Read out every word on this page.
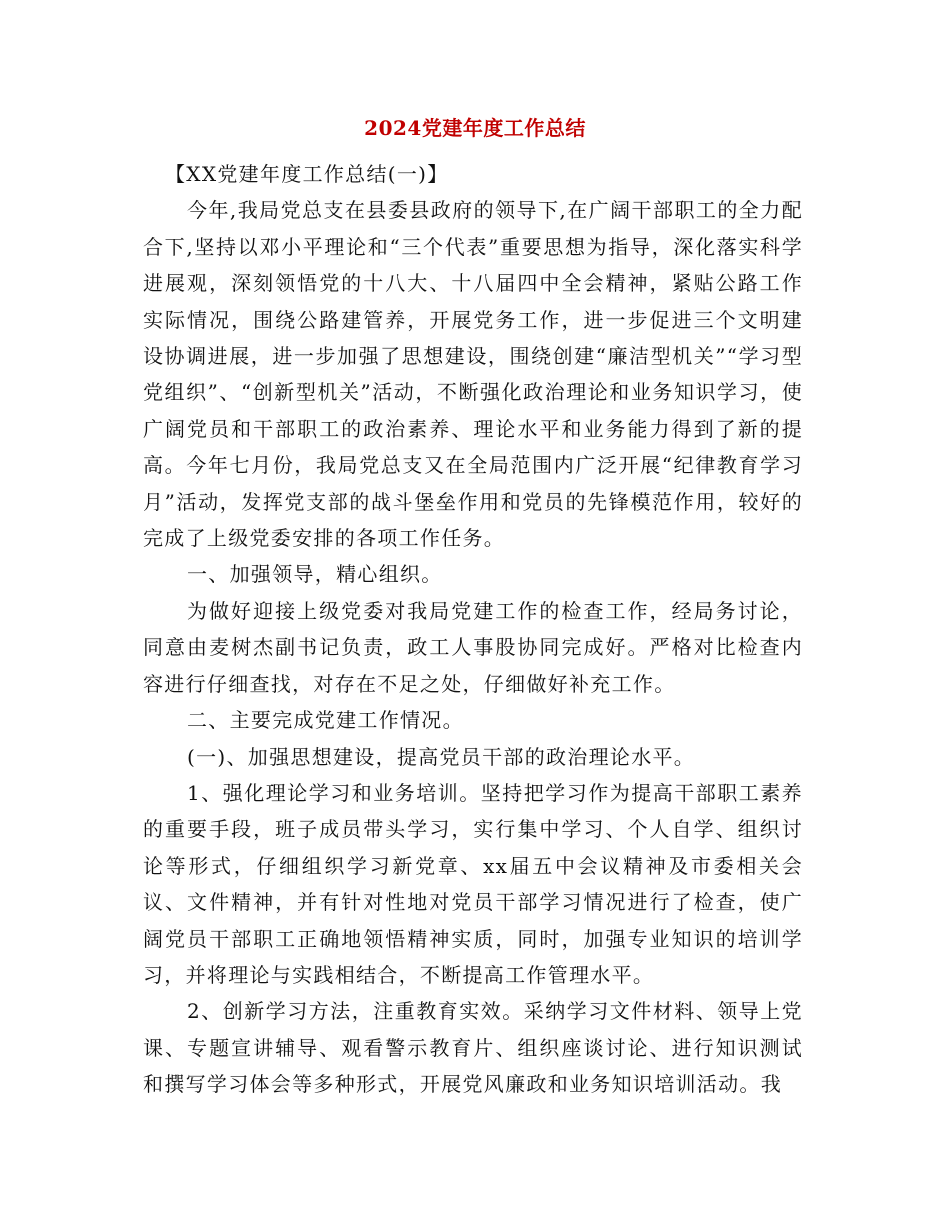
2024党建年度工作总结

【XX党建年度工作总结(一)】

今年,我局党总支在县委县政府的领导下,在广阔干部职工的全力配合下,坚持以邓小平理论和“三个代表”重要思想为指导，深化落实科学进展观，深刻领悟党的十八大、十八届四中全会精神，紧贴公路工作实际情况，围绕公路建管养，开展党务工作，进一步促进三个文明建设协调进展，进一步加强了思想建设，围绕创建“廉洁型机关”“学习型党组织”、“创新型机关”活动，不断强化政治理论和业务知识学习，使广阔党员和干部职工的政治素养、理论水平和业务能力得到了新的提高。今年七月份，我局党总支又在全局范围内广泛开展“纪律教育学习月”活动，发挥党支部的战斗堡垒作用和党员的先锋模范作用，较好的完成了上级党委安排的各项工作任务。

一、加强领导，精心组织。

为做好迎接上级党委对我局党建工作的检查工作，经局务讨论，同意由麦树杰副书记负责，政工人事股协同完成好。严格对比检查内容进行仔细查找，对存在不足之处，仔细做好补充工作。

二、主要完成党建工作情况。

(一)、加强思想建设，提高党员干部的政治理论水平。

1、强化理论学习和业务培训。坚持把学习作为提高干部职工素养的重要手段，班子成员带头学习，实行集中学习、个人自学、组织讨论等形式，仔细组织学习新党章、xx届五中会议精神及市委相关会议、文件精神，并有针对性地对党员干部学习情况进行了检查，使广阔党员干部职工正确地领悟精神实质，同时，加强专业知识的培训学习，并将理论与实践相结合，不断提高工作管理水平。

2、创新学习方法，注重教育实效。采纳学习文件材料、领导上党课、专题宣讲辅导、观看警示教育片、组织座谈讨论、进行知识测试和撰写学习体会等多种形式，开展党风廉政和业务知识培训活动。我
